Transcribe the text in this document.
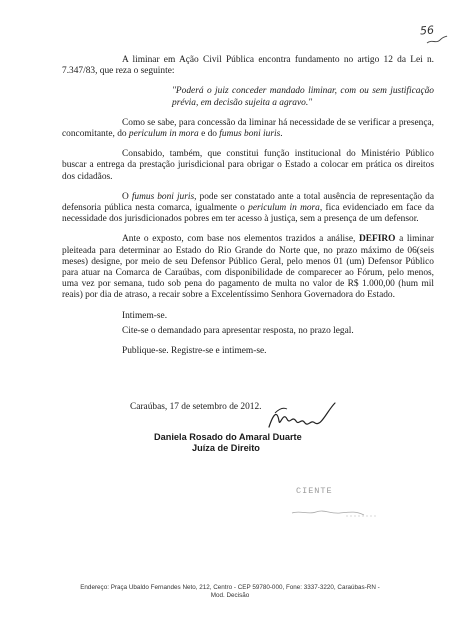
56

A liminar em Ação Civil Pública encontra fundamento no artigo 12 da Lei n. 7.347/83, que reza o seguinte:

"Poderá o juiz conceder mandado liminar, com ou sem justificação prévia, em decisão sujeita a agravo."

Como se sabe, para concessão da liminar há necessidade de se verificar a presença, concomitante, do periculum in mora e do fumus boni iuris.

Consabido, também, que constitui função institucional do Ministério Público buscar a entrega da prestação jurisdicional para obrigar o Estado a colocar em prática os direitos dos cidadãos.

O fumus boni juris, pode ser constatado ante a total ausência de representação da defensoria pública nesta comarca, igualmente o periculum in mora, fica evidenciado em face da necessidade dos jurisdicionados pobres em ter acesso à justiça, sem a presença de um defensor.

Ante o exposto, com base nos elementos trazidos a análise, DEFIRO a liminar pleiteada para determinar ao Estado do Rio Grande do Norte que, no prazo máximo de 06(seis meses) designe, por meio de seu Defensor Público Geral, pelo menos 01 (um) Defensor Público para atuar na Comarca de Caraúbas, com disponibilidade de comparecer ao Fórum, pelo menos, uma vez por semana, tudo sob pena do pagamento de multa no valor de R$ 1.000,00 (hum mil reais) por dia de atraso, a recair sobre a Excelentíssimo Senhora Governadora do Estado.

Intimem-se.

Cite-se o demandado para apresentar resposta, no prazo legal.

Publique-se. Registre-se e intimem-se.

Caraúbas, 17 de setembro de 2012.
Daniela Rosado do Amaral Duarte
Juíza de Direito
CIENTE
Endereço: Praça Ubaldo Fernandes Neto, 212, Centro - CEP 59780-000, Fone: 3337-3220, Caraúbas-RN -
Mod. Decisão
